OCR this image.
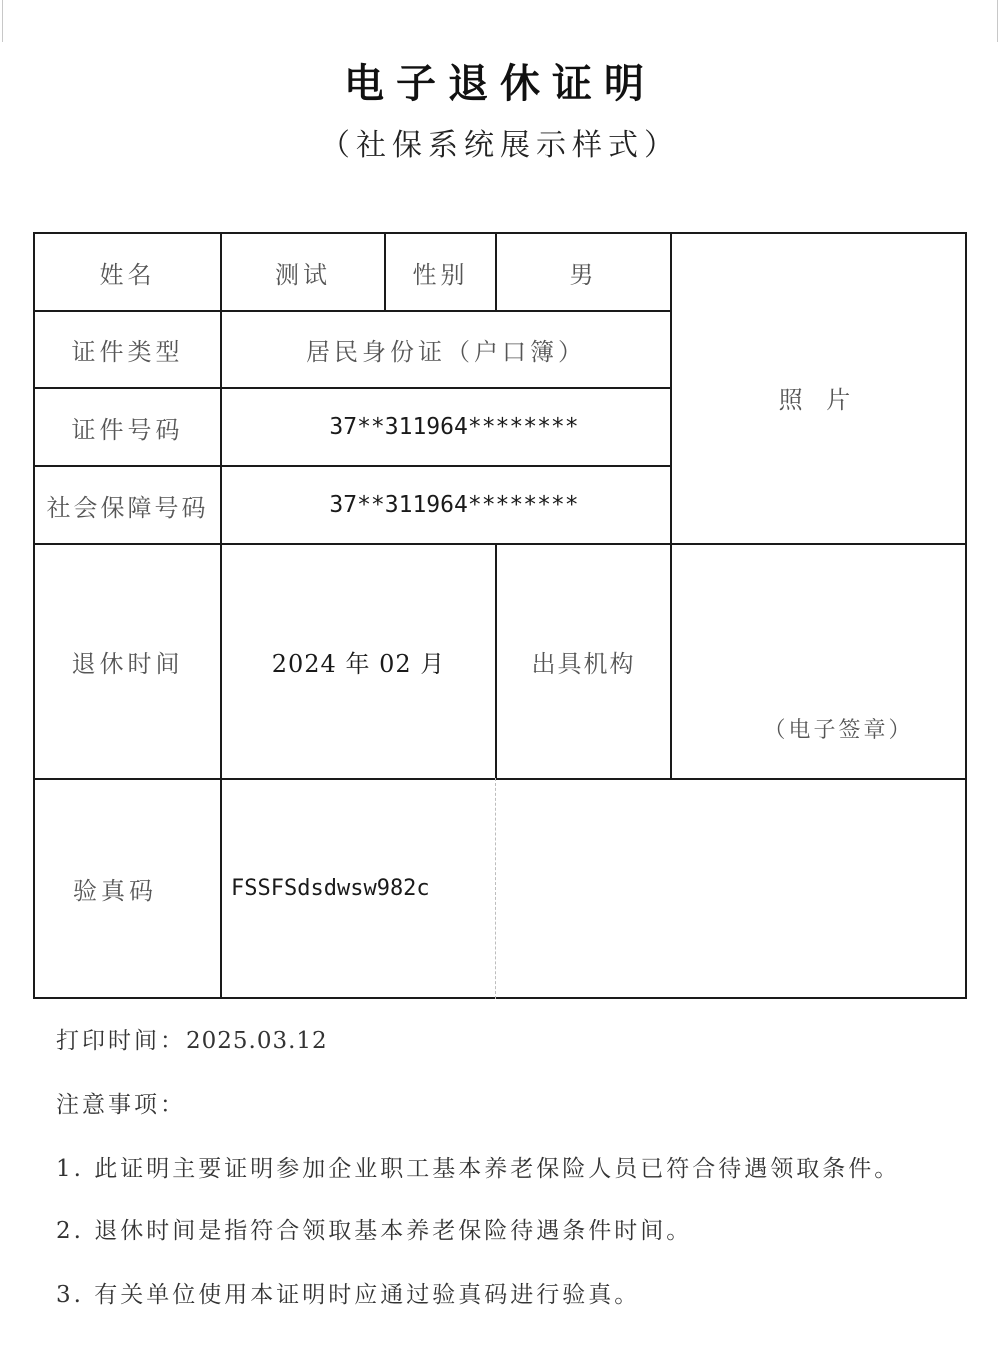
电子退休证明
（社保系统展示样式）
姓名	测试	性别	男
照 片
证件类型	居民身份证（户口簿）
证件号码	37**311964********
社会保障号码	37**311964********
退休时间	2024 年 02 月	出具机构
（电子签章）
验真码	FSSFSdsdwsw982c
打印时间：2025.03.12
注意事项：
1. 此证明主要证明参加企业职工基本养老保险人员已符合待遇领取条件。
2. 退休时间是指符合领取基本养老保险待遇条件时间。
3. 有关单位使用本证明时应通过验真码进行验真。
